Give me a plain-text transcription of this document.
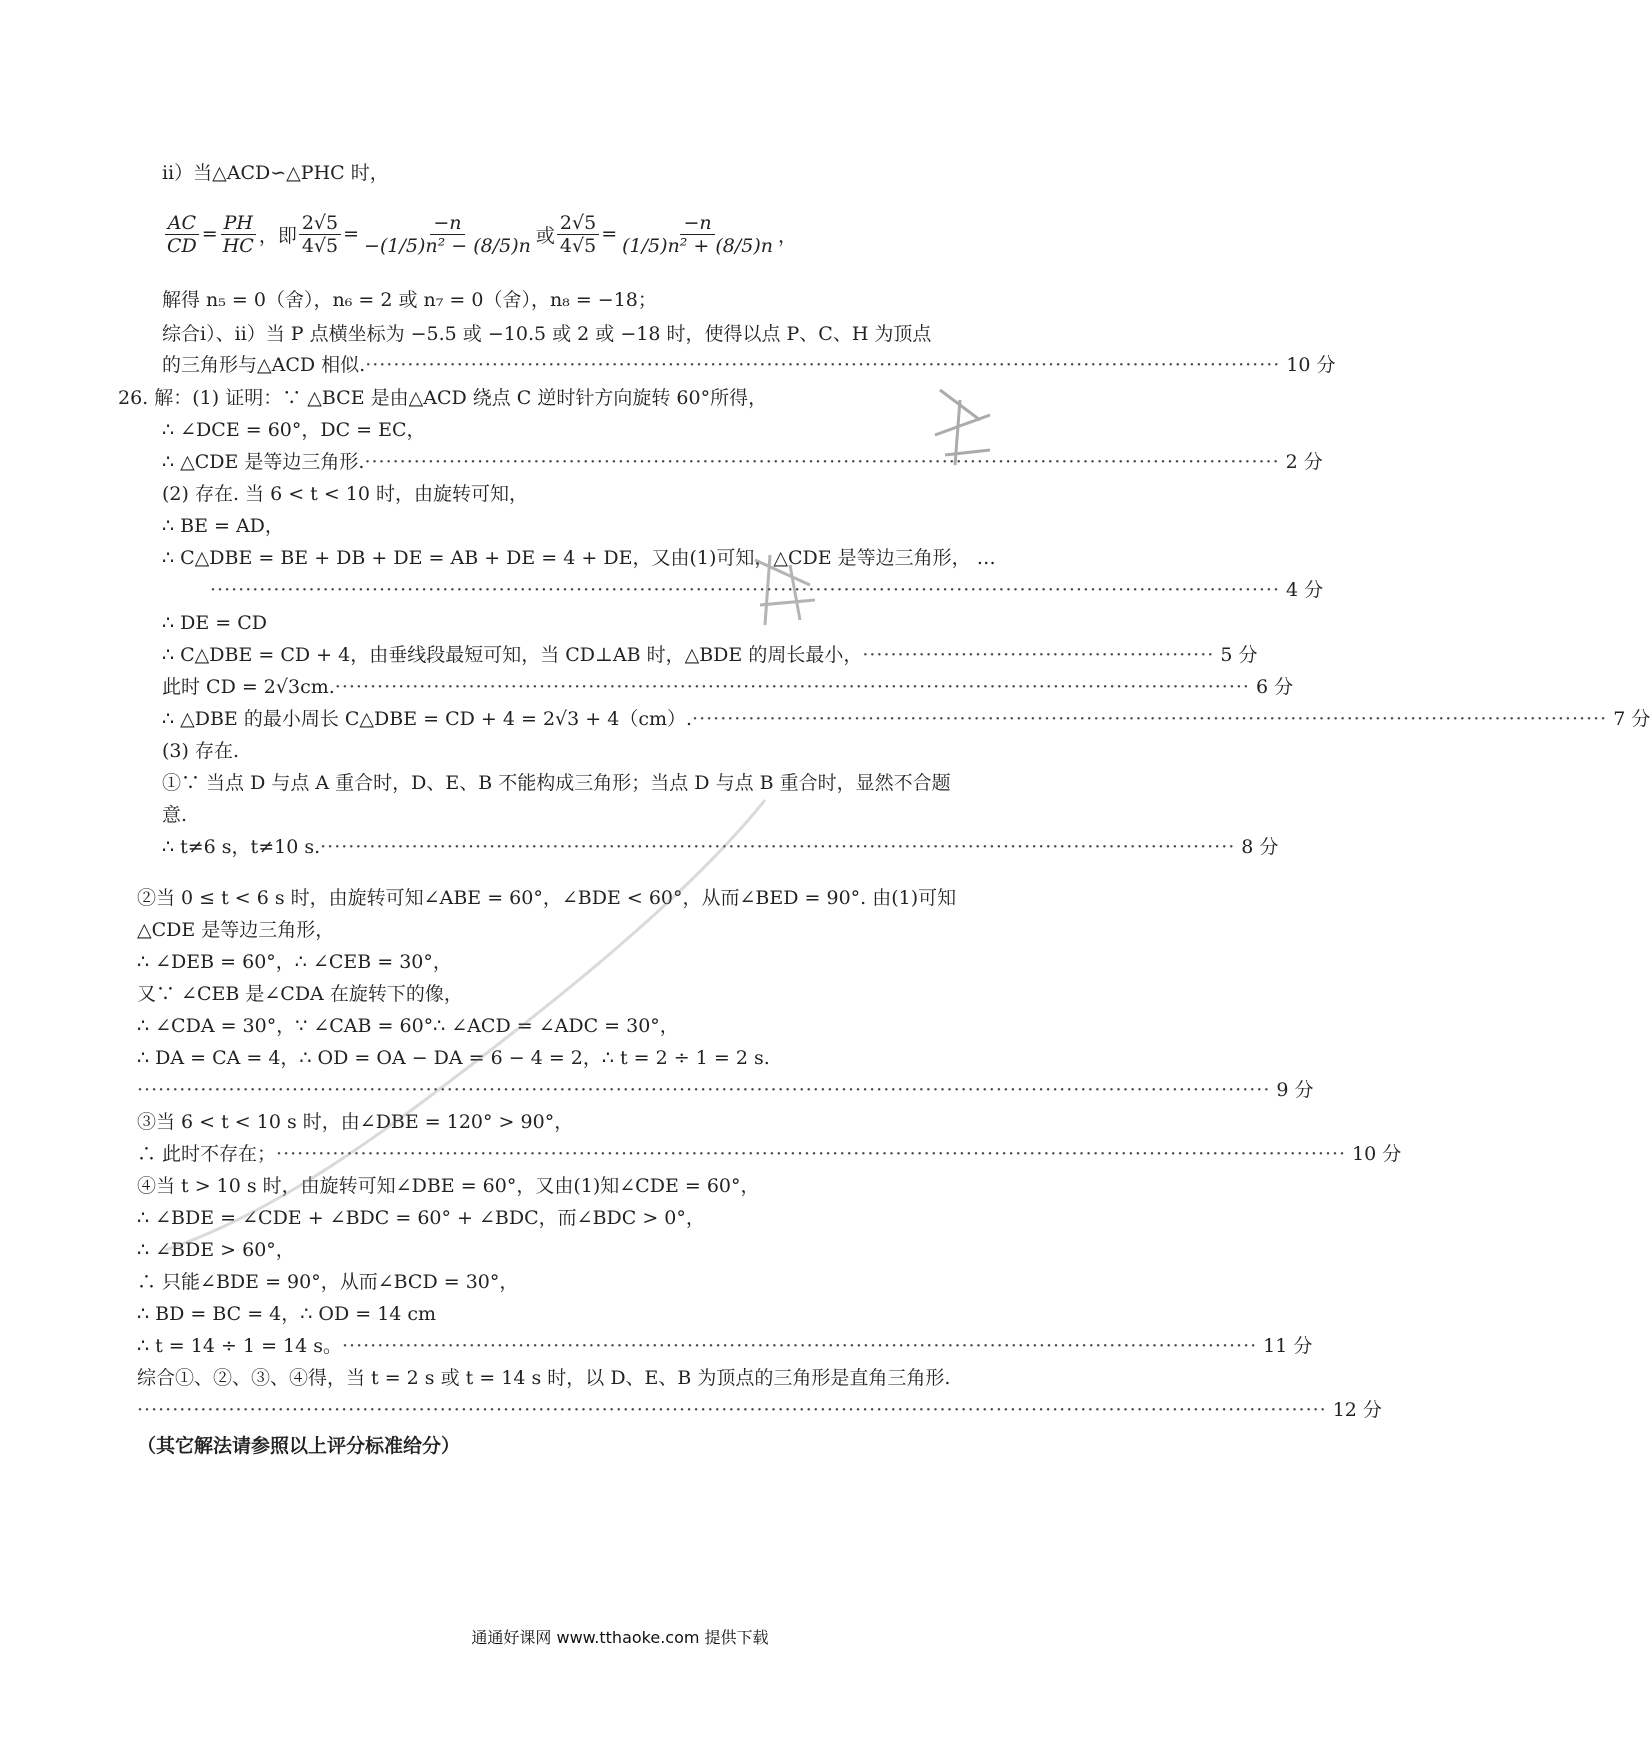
ⅱ）当△ACD∽△PHC 时，
$\frac{AC}{CD} = \frac{PH}{HC}$ ，即 $\frac{2√5}{4√5} = \frac{-n}{\text{−(1/5)n² − (8/5)n}}$ 或 $\frac{2√5}{4√5} = \frac{-n}{\text{(1/5)n² + (8/5)n}}$ ，
解得 n₅ = 0（舍），n₆ = 2 或 n₇ = 0（舍），n₈ = −18；
综合ⅰ）、ⅱ）当 P 点横坐标为 −5.5 或 −10.5 或 2 或 −18 时，使得以点 P、C、H 为顶点
的三角形与△ACD 相似. ·································································································································· 10 分
26. 解：(1) 证明：∵ △BCE 是由△ACD 绕点 C 逆时针方向旋转 60°所得，
∴ ∠DCE = 60°，DC = EC，
∴ △CDE 是等边三角形. ·································································································································· 2 分
(2) 存在. 当 6 < t < 10 时，由旋转可知，
∴ BE = AD，
∴ C△DBE = BE + DB + DE = AB + DE = 4 + DE，又由(1)可知，△CDE 是等边三角形， …
························································································································································ 4 分
∴ DE = CD
∴ C△DBE = CD + 4，由垂线段最短可知，当 CD⊥AB 时，△BDE 的周长最小， ·················································· 5 分
此时 CD = 2√3cm. ·································································································································· 6 分
∴ △DBE 的最小周长 C△DBE = CD + 4 = 2√3 + 4（cm）. ·································································································································· 7 分
(3) 存在.
①∵ 当点 D 与点 A 重合时，D、E、B 不能构成三角形；当点 D 与点 B 重合时，显然不合题
意.
∴ t≠6 s，t≠10 s. ·································································································································· 8 分
②当 0 ≤ t < 6 s 时，由旋转可知∠ABE = 60°，∠BDE < 60°，从而∠BED = 90°. 由(1)可知
△CDE 是等边三角形，
∴ ∠DEB = 60°，∴ ∠CEB = 30°，
又∵ ∠CEB 是∠CDA 在旋转下的像，
∴ ∠CDA = 30°，∵ ∠CAB = 60°∴ ∠ACD = ∠ADC = 30°，
∴ DA = CA = 4，∴ OD = OA − DA = 6 − 4 = 2，∴ t = 2 ÷ 1 = 2 s.
································································································································································· 9 分
③当 6 < t < 10 s 时，由∠DBE = 120° > 90°，
∴ 此时不存在； ························································································································································ 10 分
④当 t > 10 s 时，由旋转可知∠DBE = 60°，又由(1)知∠CDE = 60°，
∴ ∠BDE = ∠CDE + ∠BDC = 60° + ∠BDC，而∠BDC > 0°，
∴ ∠BDE > 60°，
∴ 只能∠BDE = 90°，从而∠BCD = 30°，
∴ BD = BC = 4，∴ OD = 14 cm
∴ t = 14 ÷ 1 = 14 s。 ·································································································································· 11 分
综合①、②、③、④得，当 t = 2 s 或 t = 14 s 时，以 D、E、B 为顶点的三角形是直角三角形.
········································································································································································· 12 分
（其它解法请参照以上评分标准给分）
通通好课网 www.tthaoke.com 提供下载
